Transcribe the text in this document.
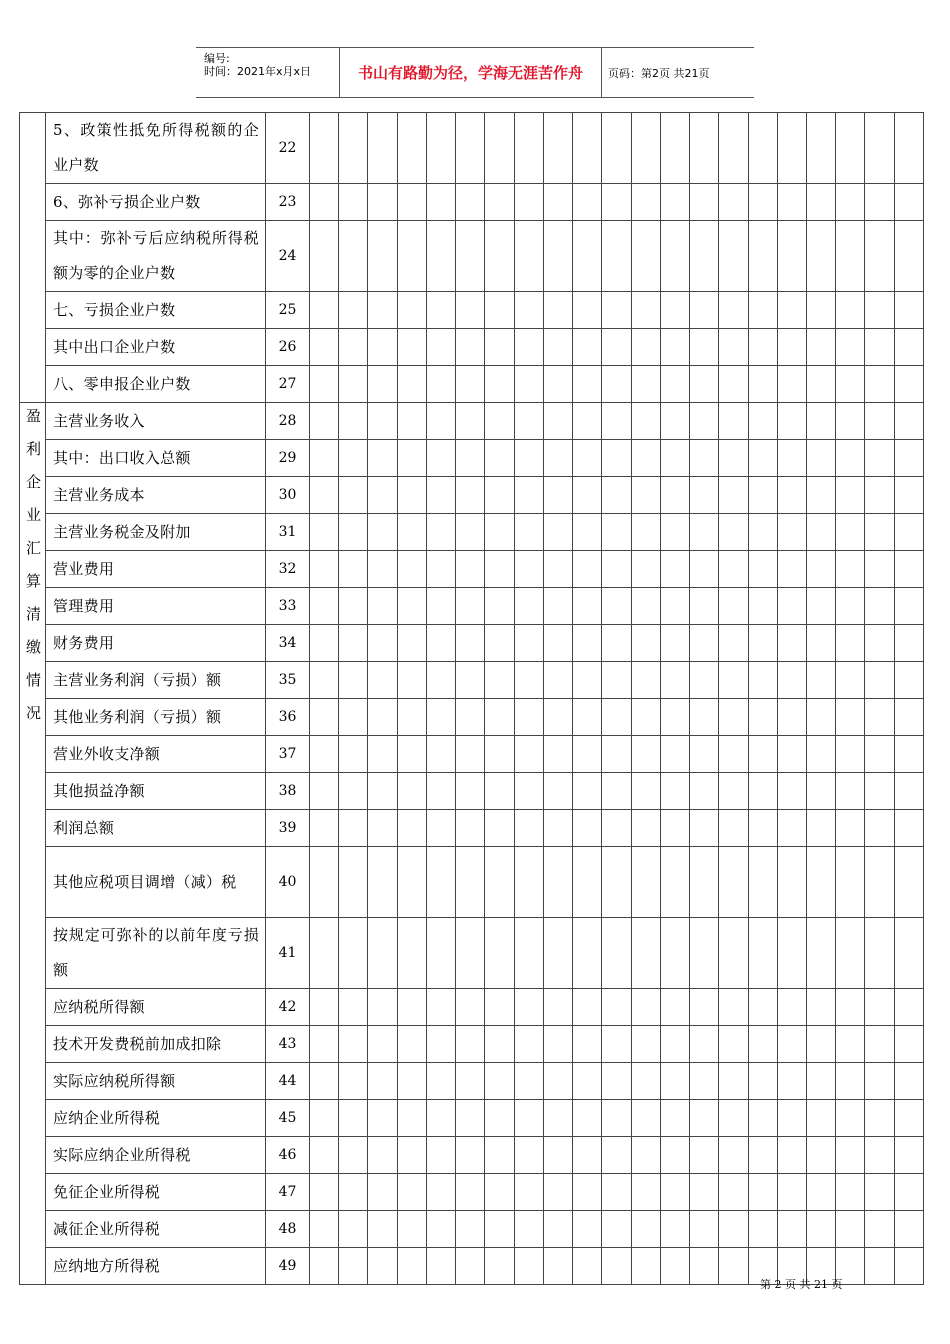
编号:
时间：2021年x月x日	书山有路勤为径，学海无涯苦作舟	页码：第2页 共21页
	5、政策性抵免所得税额的企业户数	22																					
	6、弥补亏损企业户数	23																					
	其中：弥补亏后应纳税所得税额为零的企业户数	24																					
	七、亏损企业户数	25																					
	其中出口企业户数	26																					
	八、零申报企业户数	27																					
盈利企业汇算清缴情况	主营业务收入	28																					
	其中：出口收入总额	29																					
	主营业务成本	30																					
	主营业务税金及附加	31																					
	营业费用	32																					
	管理费用	33																					
	财务费用	34																					
	主营业务利润（亏损）额	35																					
	其他业务利润（亏损）额	36																					
	营业外收支净额	37																					
	其他损益净额	38																					
	利润总额	39																					
	其他应税项目调增（减）税	40																					
	按规定可弥补的以前年度亏损额	41																					
	应纳税所得额	42																					
	技术开发费税前加成扣除	43																					
	实际应纳税所得额	44																					
	应纳企业所得税	45																					
	实际应纳企业所得税	46																					
	免征企业所得税	47																					
	减征企业所得税	48																					
	应纳地方所得税	49																					
第 2 页 共 21 页
